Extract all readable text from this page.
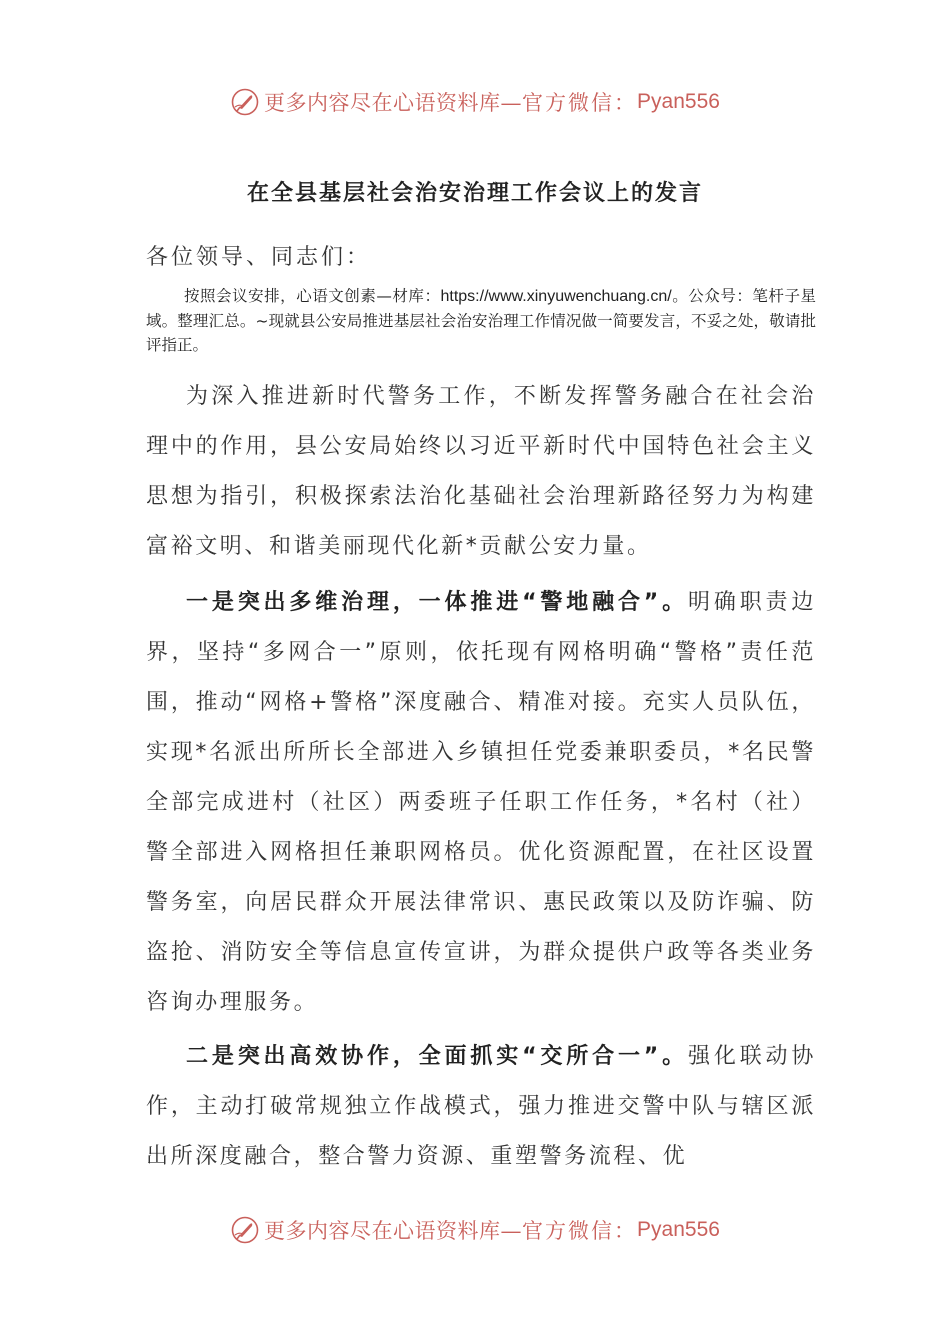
更多内容尽在心语资料库— 官方微信： Pyan556
在全县基层社会治安治理工作会议上的发言
各位领导、同志们：
按照会议安排，心语文创素—材库：https://www.xinyuwenchuang.cn/。公众号：笔杆子星域。整理汇总。~现就县公安局推进基层社会治安治理工作情况做一简要发言，不妥之处，敬请批评指正。

为深入推进新时代警务工作，不断发挥警务融合在社会治理中的作用，县公安局始终以习近平新时代中国特色社会主义思想为指引，积极探索法治化基础社会治理新路径努力为构建富裕文明、和谐美丽现代化新*贡献公安力量。

一是突出多维治理，一体推进“警地融合”。明确职责边界，坚持“多网合一”原则，依托现有网格明确“警格”责任范围，推动“网格+警格”深度融合、精准对接。充实人员队伍，实现*名派出所所长全部进入乡镇担任党委兼职委员，*名民警全部完成进村（社区）两委班子任职工作任务，*名村（社）警全部进入网格担任兼职网格员。优化资源配置，在社区设置警务室，向居民群众开展法律常识、惠民政策以及防诈骗、防盗抢、消防安全等信息宣传宣讲，为群众提供户政等各类业务咨询办理服务。

二是突出高效协作，全面抓实“交所合一”。强化联动协作，主动打破常规独立作战模式，强力推进交警中队与辖区派出所深度融合，整合警力资源、重塑警务流程、优

更多内容尽在心语资料库— 官方微信： Pyan556
